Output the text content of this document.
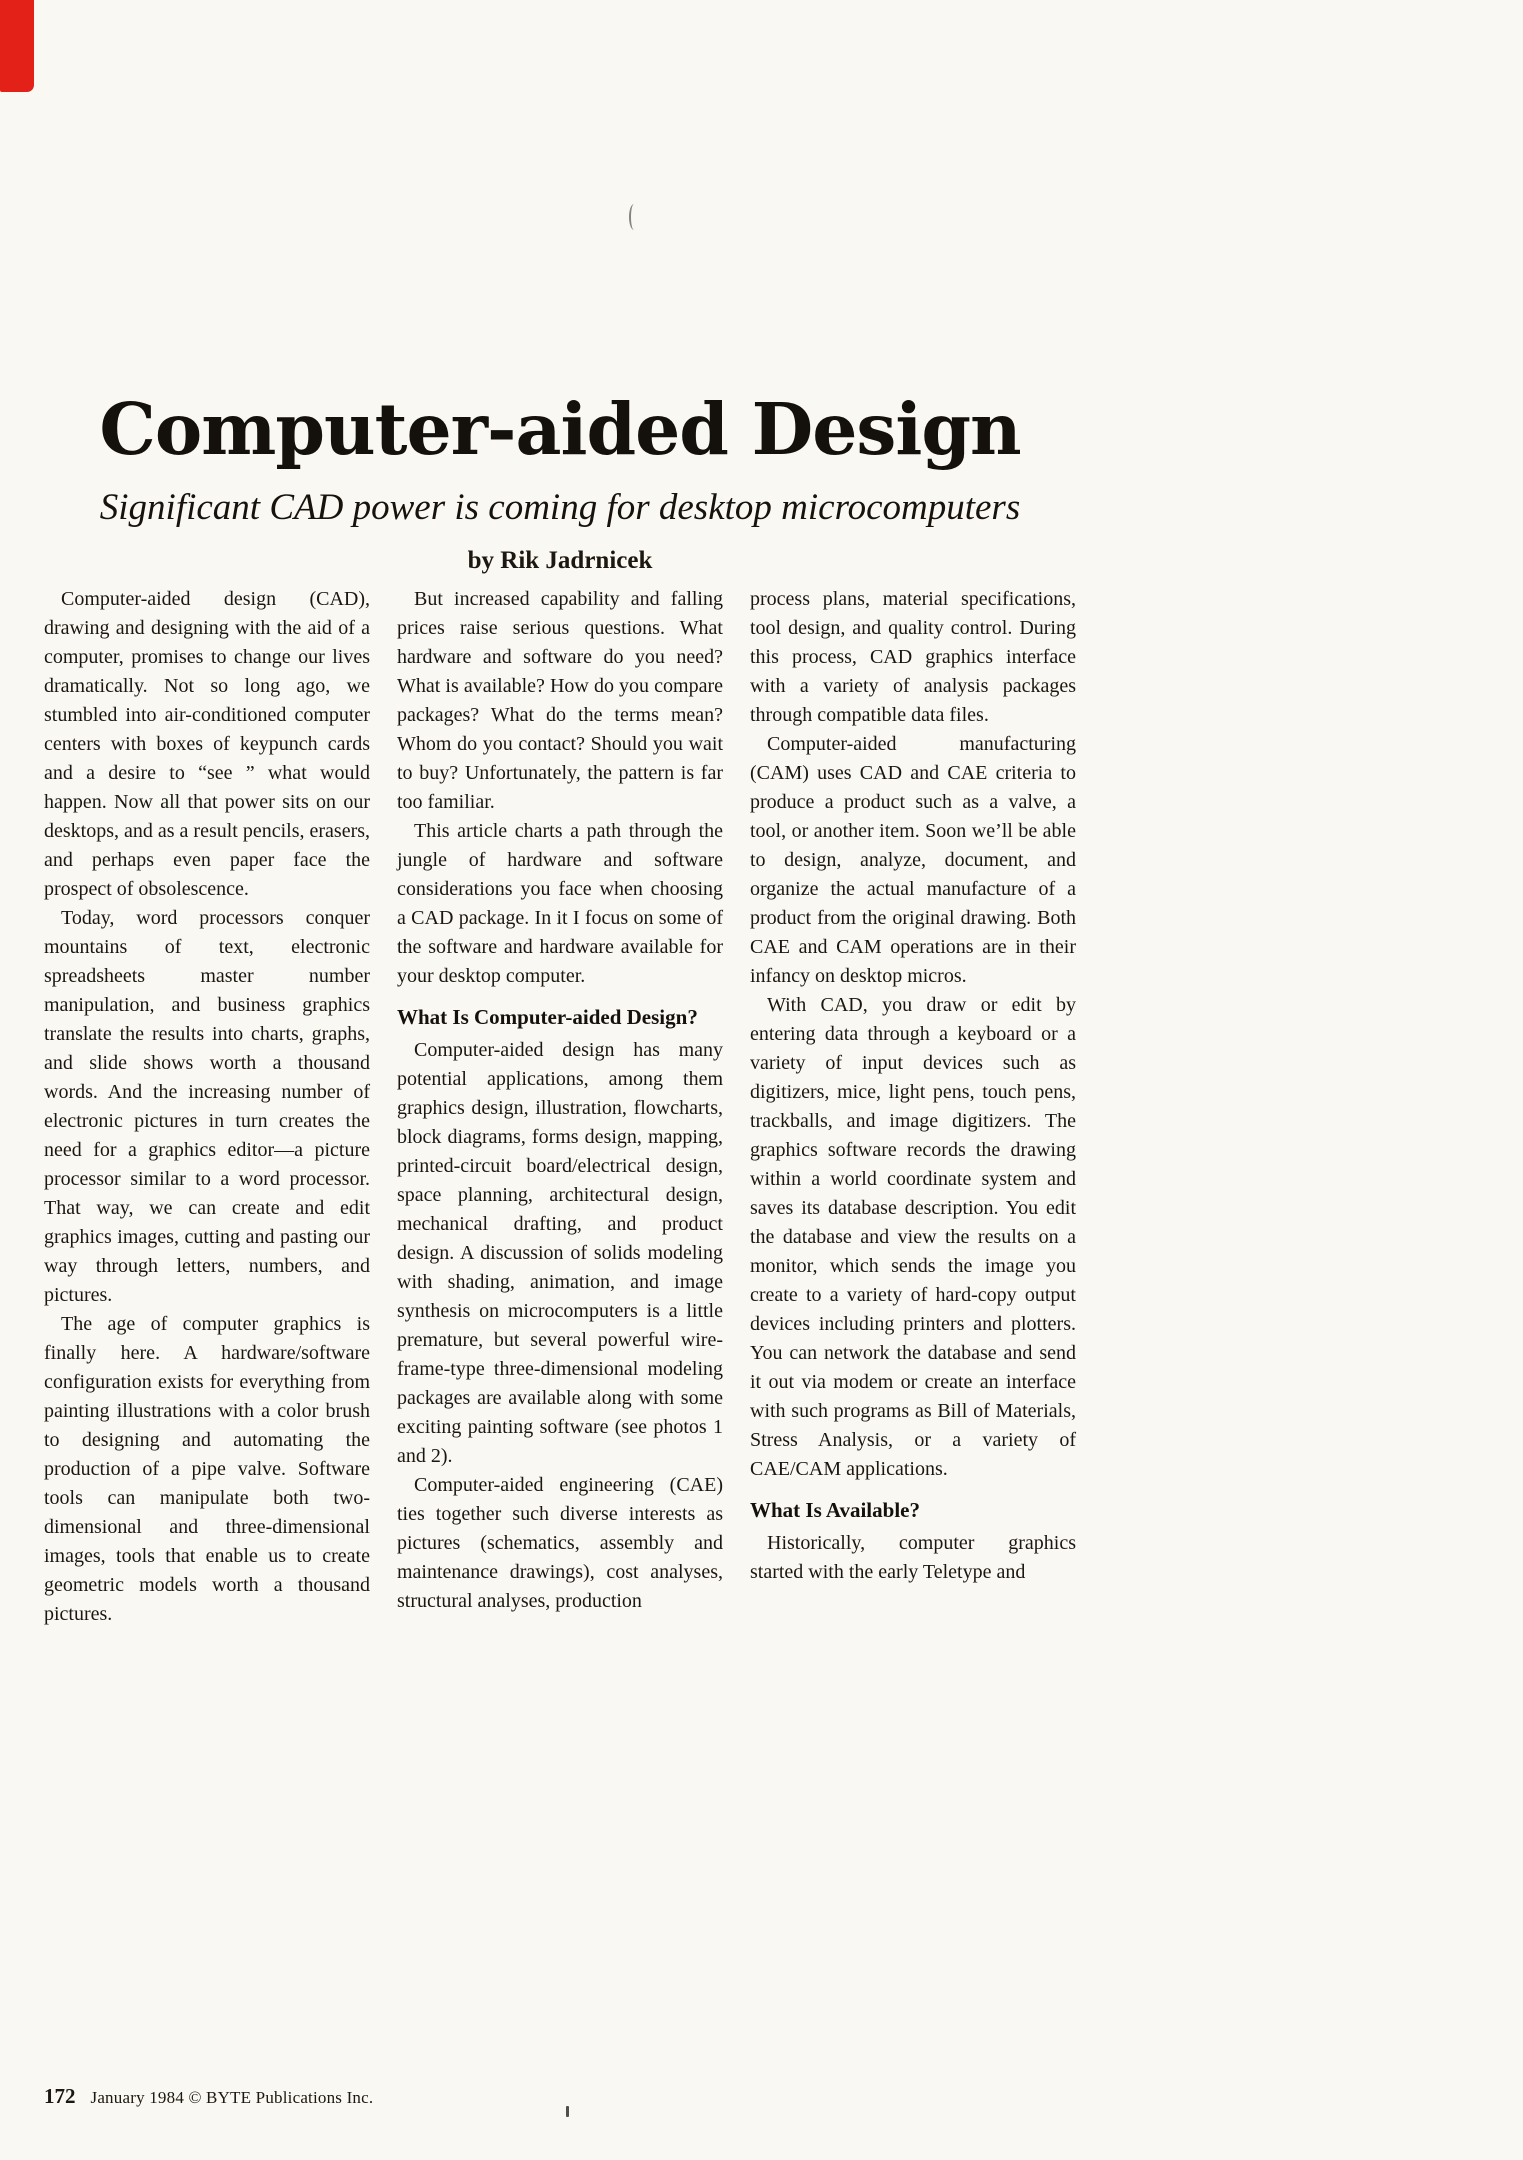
Computer-aided Design

Significant CAD power is coming for desktop microcomputers

by Rik Jadrnicek

Computer-aided design (CAD), drawing and designing with the aid of a computer, promises to change our lives dramatically. Not so long ago, we stumbled into air-conditioned computer centers with boxes of keypunch cards and a desire to “see ” what would happen. Now all that power sits on our desktops, and as a result pencils, erasers, and perhaps even paper face the prospect of obsolescence.

Today, word processors conquer mountains of text, electronic spreadsheets master number manipulation, and business graphics translate the results into charts, graphs, and slide shows worth a thousand words. And the increasing number of electronic pictures in turn creates the need for a graphics editor—a picture processor similar to a word processor. That way, we can create and edit graphics images, cutting and pasting our way through letters, numbers, and pictures.

The age of computer graphics is finally here. A hardware/software configuration exists for everything from painting illustrations with a color brush to designing and automating the production of a pipe valve. Software tools can manipulate both two-dimensional and three-dimensional images, tools that enable us to create geometric models worth a thousand pictures.

But increased capability and falling prices raise serious questions. What hardware and software do you need? What is available? How do you compare packages? What do the terms mean? Whom do you contact? Should you wait to buy? Unfortunately, the pattern is far too familiar.

This article charts a path through the jungle of hardware and software considerations you face when choosing a CAD package. In it I focus on some of the software and hardware available for your desktop computer.

What Is Computer-aided Design?

Computer-aided design has many potential applications, among them graphics design, illustration, flowcharts, block diagrams, forms design, mapping, printed-circuit board/electrical design, space planning, architectural design, mechanical drafting, and product design. A discussion of solids modeling with shading, animation, and image synthesis on microcomputers is a little premature, but several powerful wire-frame-type three-dimensional modeling packages are available along with some exciting painting software (see photos 1 and 2).

Computer-aided engineering (CAE) ties together such diverse interests as pictures (schematics, assembly and maintenance drawings), cost analyses, structural analyses, production

process plans, material specifications, tool design, and quality control. During this process, CAD graphics interface with a variety of analysis packages through compatible data files.

Computer-aided manufacturing (CAM) uses CAD and CAE criteria to produce a product such as a valve, a tool, or another item. Soon we’ll be able to design, analyze, document, and organize the actual manufacture of a product from the original drawing. Both CAE and CAM operations are in their infancy on desktop micros.

With CAD, you draw or edit by entering data through a keyboard or a variety of input devices such as digitizers, mice, light pens, touch pens, trackballs, and image digitizers. The graphics software records the drawing within a world coordinate system and saves its database description. You edit the database and view the results on a monitor, which sends the image you create to a variety of hard-copy output devices including printers and plotters. You can network the database and send it out via modem or create an interface with such programs as Bill of Materials, Stress Analysis, or a variety of CAE/CAM applications.

What Is Available?

Historically, computer graphics started with the early Teletype and

172 January 1984 © BYTE Publications Inc.
